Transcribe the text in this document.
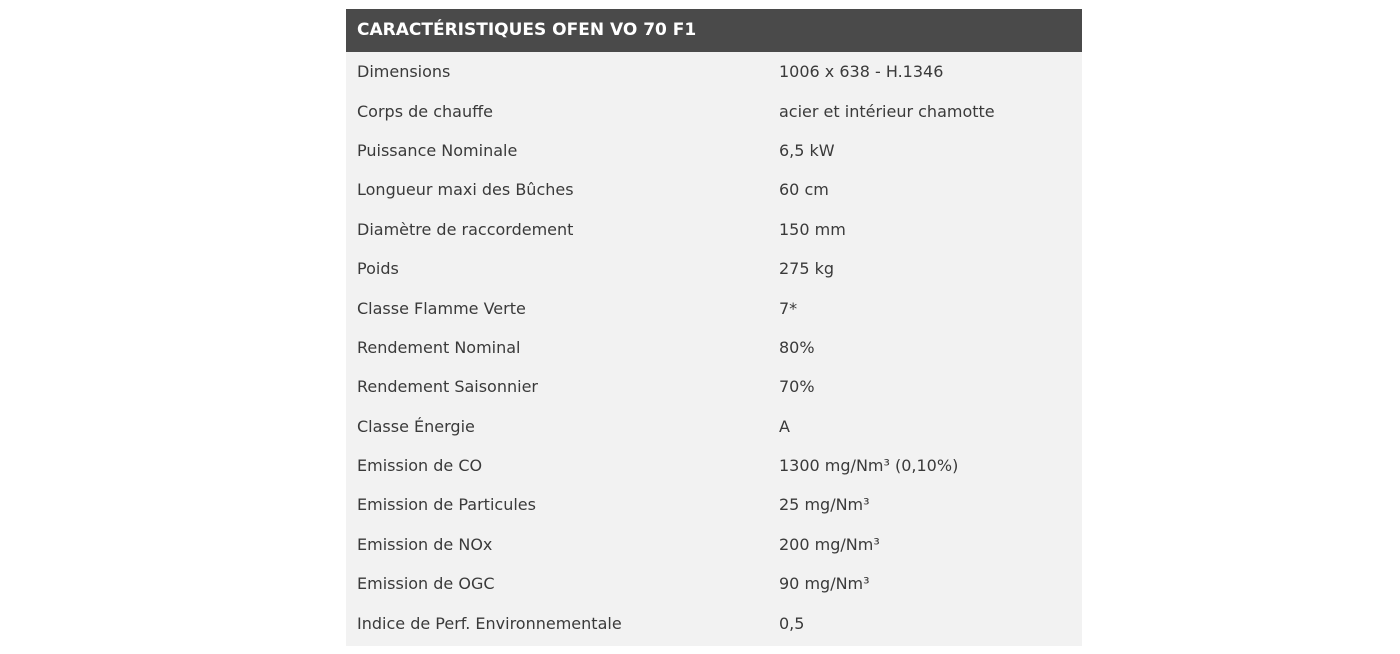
CARACTÉRISTIQUES OFEN VO 70 F1
Dimensions	1006 x 638 - H.1346
Corps de chauffe	acier et intérieur chamotte
Puissance Nominale	6,5 kW
Longueur maxi des Bûches	60 cm
Diamètre de raccordement	150 mm
Poids	275 kg
Classe Flamme Verte	7*
Rendement Nominal	80%
Rendement Saisonnier	70%
Classe Énergie	A
Emission de CO	1300 mg/Nm³ (0,10%)
Emission de Particules	25 mg/Nm³
Emission de NOx	200 mg/Nm³
Emission de OGC	90 mg/Nm³
Indice de Perf. Environnementale	0,5
